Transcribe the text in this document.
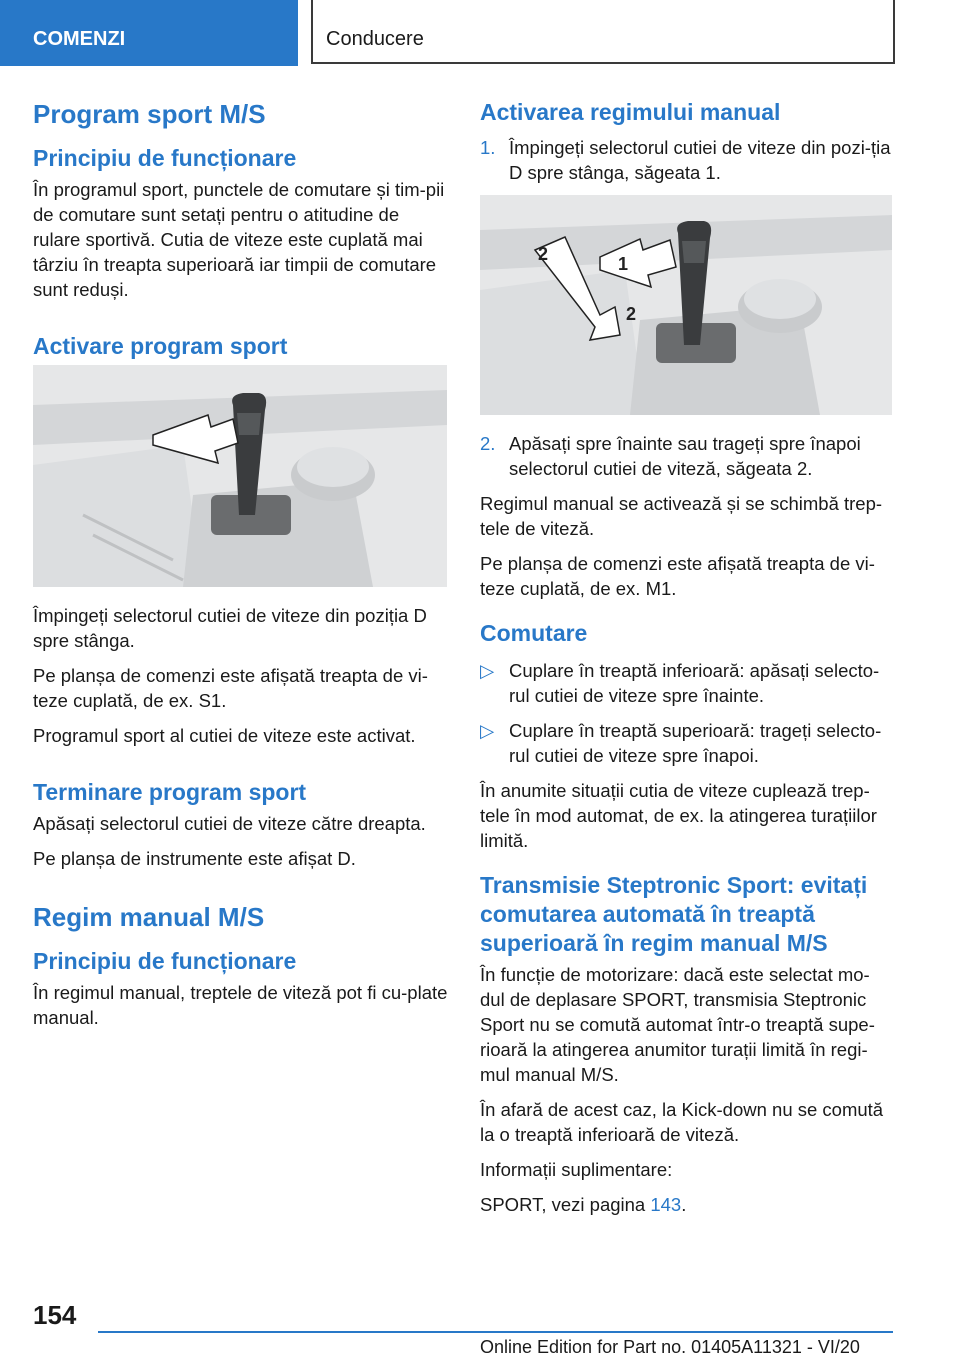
COMENZI	Conducere
Program sport M/S
Principiu de funcționare
În programul sport, punctele de comutare și tim-pii de comutare sunt setați pentru o atitudine de rulare sportivă. Cutia de viteze este cuplată mai târziu în treapta superioară iar timpii de comutare sunt reduși.
Activare program sport
Împingeți selectorul cutiei de viteze din poziția D spre stânga.
Pe planșa de comenzi este afișată treapta de vi-teze cuplată, de ex. S1.
Programul sport al cutiei de viteze este activat.
Terminare program sport
Apăsați selectorul cutiei de viteze către dreapta.
Pe planșa de instrumente este afișat D.
Regim manual M/S
Principiu de funcționare
În regimul manual, treptele de viteză pot fi cu-plate manual.
Activarea regimului manual
1. Împingeți selectorul cutiei de viteze din pozi-ția D spre stânga, săgeata 1.
1
2
2
2. Apăsați spre înainte sau trageți spre înapoi selectorul cutiei de viteză, săgeata 2.
Regimul manual se activează și se schimbă trep-tele de viteză.
Pe planșa de comenzi este afișată treapta de vi-teze cuplată, de ex. M1.
Comutare
▷ Cuplare în treaptă inferioară: apăsați selecto-rul cutiei de viteze spre înainte.
▷ Cuplare în treaptă superioară: trageți selecto-rul cutiei de viteze spre înapoi.
În anumite situații cutia de viteze cuplează trep-tele în mod automat, de ex. la atingerea turațiilor limită.
Transmisie Steptronic Sport: evitați comutarea automată în treaptă superioară în regim manual M/S
În funcție de motorizare: dacă este selectat mo-dul de deplasare SPORT, transmisia Steptronic Sport nu se comută automat într-o treaptă supe-rioară la atingerea anumitor turații limită în regi-mul manual M/S.
În afară de acest caz, la Kick-down nu se comută la o treaptă inferioară de viteză.
Informații suplimentare:
SPORT, vezi pagina 143.
154
Online Edition for Part no. 01405A11321 - VI/20
